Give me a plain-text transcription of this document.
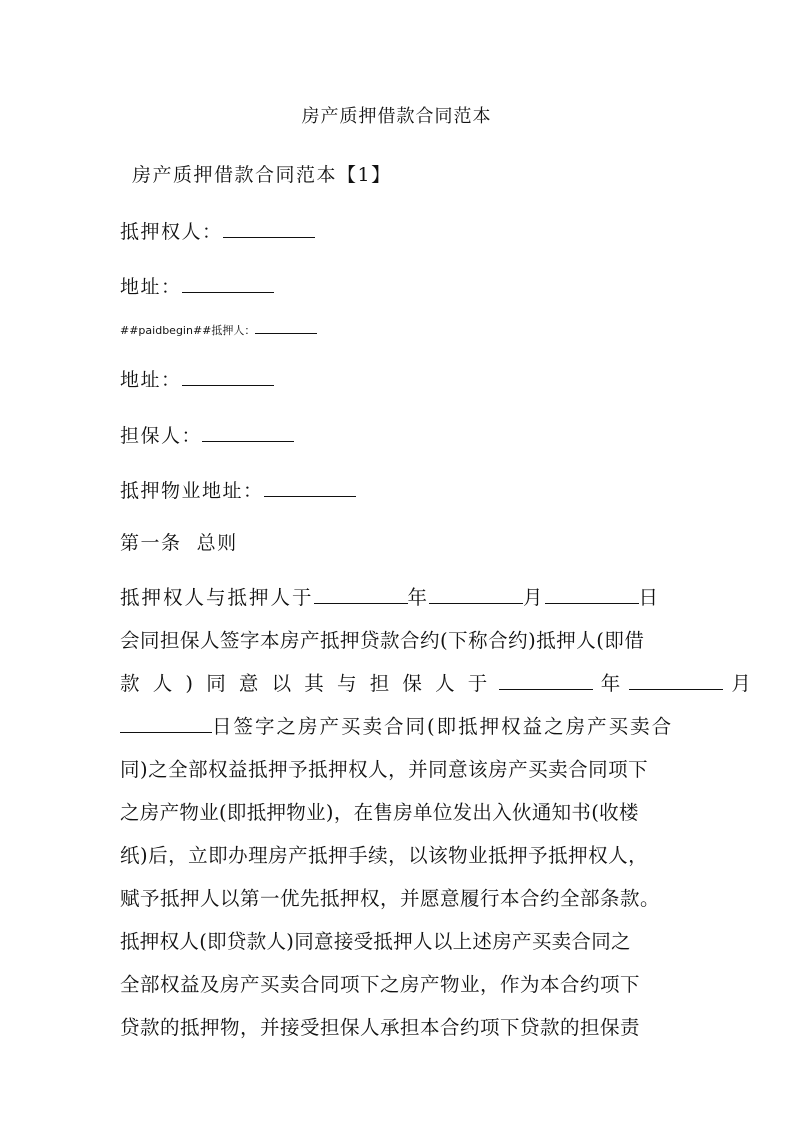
房产质押借款合同范本
房产质押借款合同范本【1】
抵押权人：
地址：
##paidbegin##抵押人：
地址：
担保人：
抵押物业地址：
第一条  总则
抵押权人与抵押人于	年	月	日
会同担保人签字本房产抵押贷款合约(下称合约)抵押人(即借
款 人 ) 同 意 以 其 与 担 保 人 于	年	月
日签字之房产买卖合同(即抵押权益之房产买卖合
同)之全部权益抵押予抵押权人，并同意该房产买卖合同项下
之房产物业(即抵押物业)，在售房单位发出入伙通知书(收楼
纸)后，立即办理房产抵押手续，以该物业抵押予抵押权人，
赋予抵押人以第一优先抵押权，并愿意履行本合约全部条款。
抵押权人(即贷款人)同意接受抵押人以上述房产买卖合同之
全部权益及房产买卖合同项下之房产物业，作为本合约项下
贷款的抵押物，并接受担保人承担本合约项下贷款的担保责
